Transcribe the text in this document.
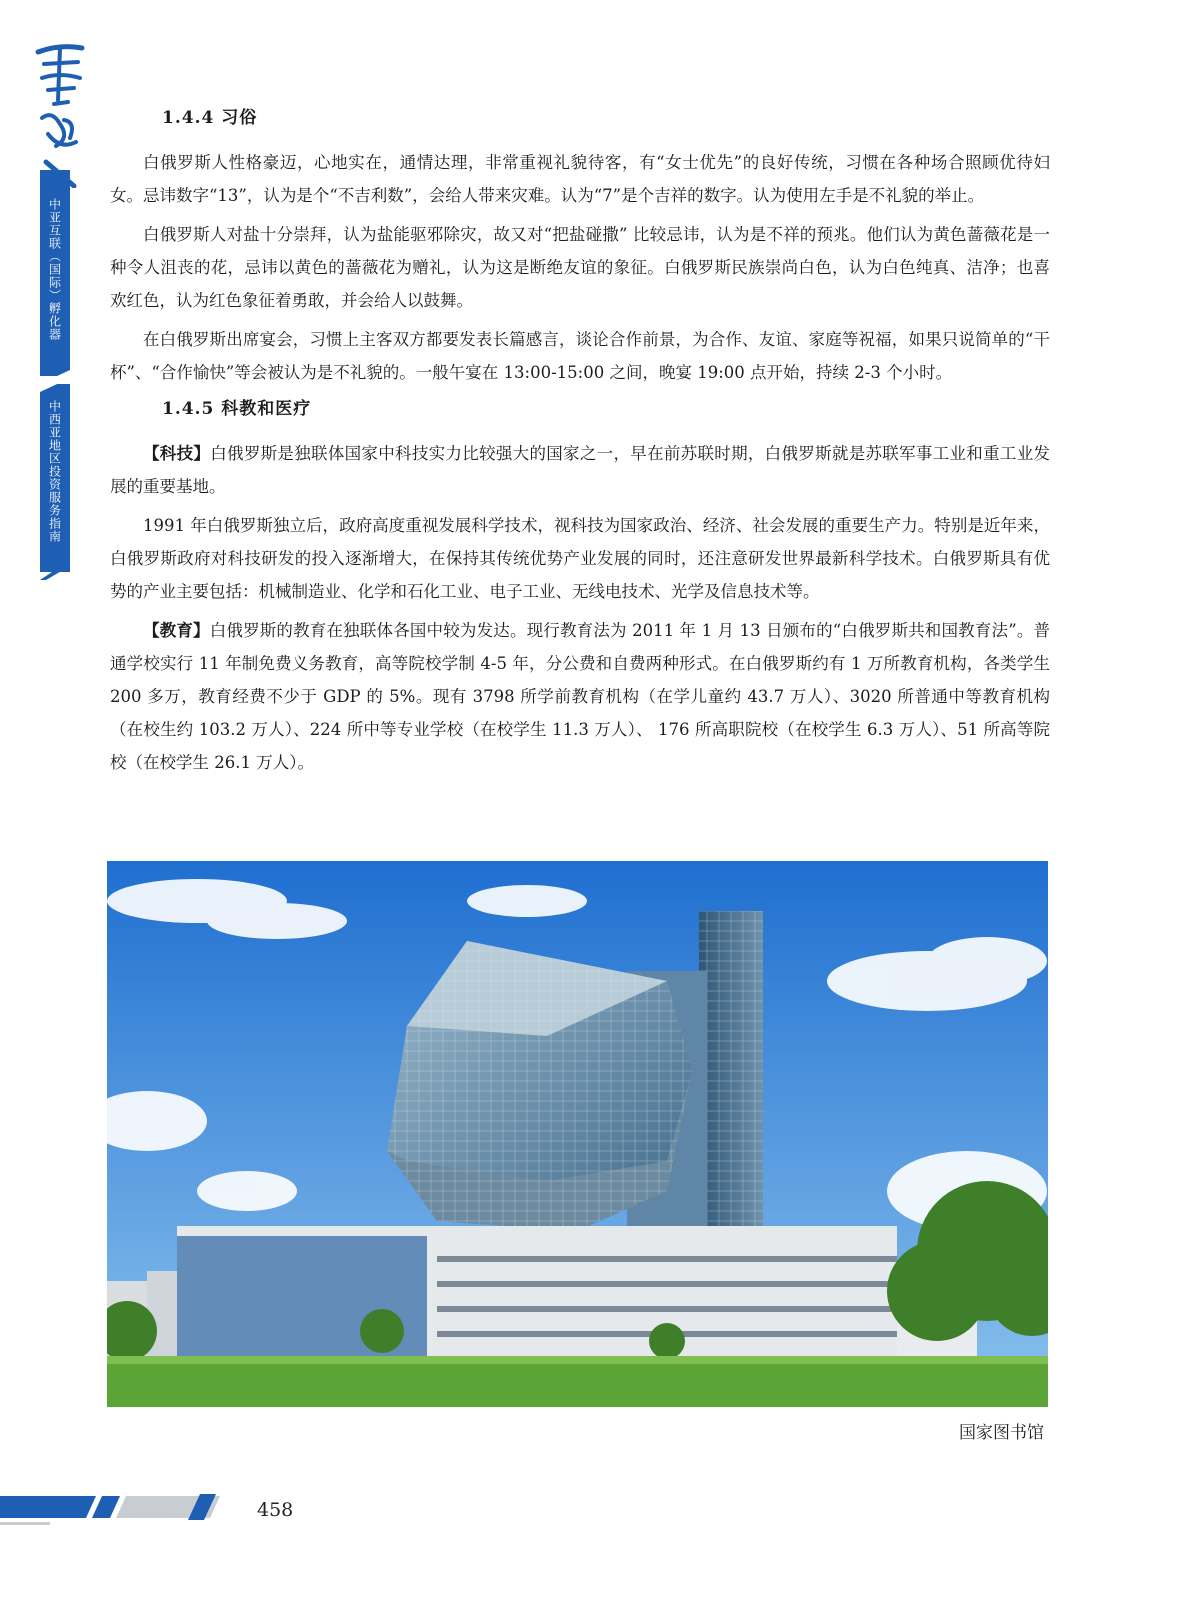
中亚互联（国际）孵化器
中西亚地区投资服务指南
1.4.4 习俗

白俄罗斯人性格豪迈，心地实在，通情达理，非常重视礼貌待客，有“女士优先”的良好传统，习惯在各种场合照顾优待妇女。忌讳数字“13”，认为是个“不吉利数”，会给人带来灾难。认为“7”是个吉祥的数字。认为使用左手是不礼貌的举止。

白俄罗斯人对盐十分崇拜，认为盐能驱邪除灾，故又对“把盐碰撒” 比较忌讳，认为是不祥的预兆。他们认为黄色蔷薇花是一种令人沮丧的花，忌讳以黄色的蔷薇花为赠礼，认为这是断绝友谊的象征。白俄罗斯民族崇尚白色，认为白色纯真、洁净；也喜欢红色，认为红色象征着勇敢，并会给人以鼓舞。

在白俄罗斯出席宴会，习惯上主客双方都要发表长篇感言，谈论合作前景，为合作、友谊、家庭等祝福，如果只说简单的“干杯”、“合作愉快”等会被认为是不礼貌的。一般午宴在 13:00-15:00 之间，晚宴 19:00 点开始，持续 2-3 个小时。

1.4.5 科教和医疗

【科技】白俄罗斯是独联体国家中科技实力比较强大的国家之一，早在前苏联时期，白俄罗斯就是苏联军事工业和重工业发展的重要基地。

1991 年白俄罗斯独立后，政府高度重视发展科学技术，视科技为国家政治、经济、社会发展的重要生产力。特别是近年来，白俄罗斯政府对科技研发的投入逐渐增大，在保持其传统优势产业发展的同时，还注意研发世界最新科学技术。白俄罗斯具有优势的产业主要包括：机械制造业、化学和石化工业、电子工业、无线电技术、光学及信息技术等。

【教育】白俄罗斯的教育在独联体各国中较为发达。现行教育法为 2011 年 1 月 13 日颁布的“白俄罗斯共和国教育法”。普通学校实行 11 年制免费义务教育，高等院校学制 4-5 年，分公费和自费两种形式。在白俄罗斯约有 1 万所教育机构，各类学生 200 多万，教育经费不少于 GDP 的 5%。现有 3798 所学前教育机构（在学儿童约 43.7 万人）、3020 所普通中等教育机构（在校生约 103.2 万人）、224 所中等专业学校（在校学生 11.3 万人）、 176 所高职院校（在校学生 6.3 万人）、51 所高等院校（在校学生 26.1 万人）。

国家图书馆
458
